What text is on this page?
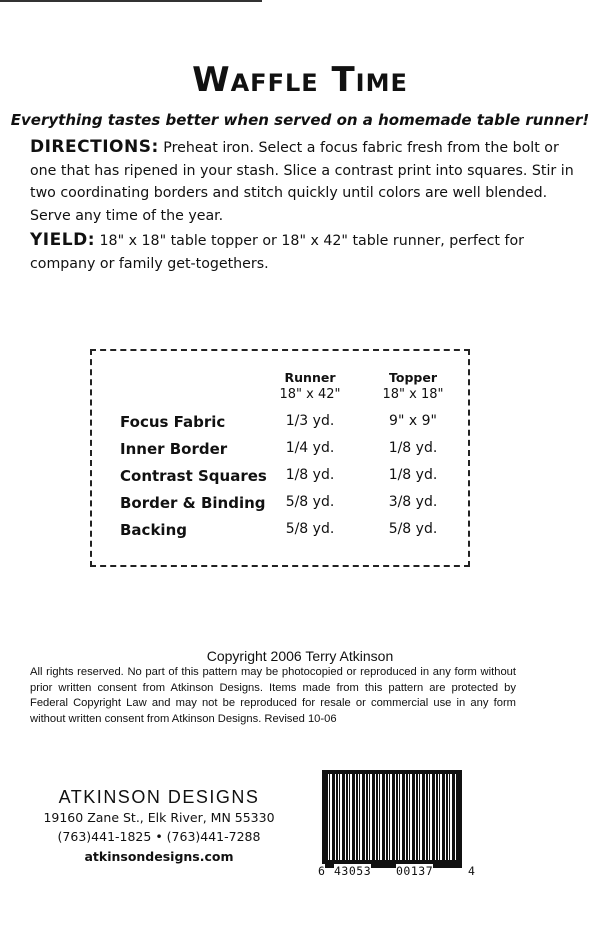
Waffle Time
Everything tastes better when served on a homemade table runner!
DIRECTIONS: Preheat iron. Select a focus fabric fresh from the bolt or one that has ripened in your stash. Slice a contrast print into squares. Stir in two coordinating borders and stitch quickly until colors are well blended. Serve any time of the year.
YIELD: 18" x 18" table topper or 18" x 42" table runner, perfect for company or family get-togethers.
Runner
18" x 42"
Topper
18" x 18"
Focus Fabric	1/3 yd.	9" x 9"
Inner Border	1/4 yd.	1/8 yd.
Contrast Squares	1/8 yd.	1/8 yd.
Border & Binding	5/8 yd.	3/8 yd.
Backing	5/8 yd.	5/8 yd.
Copyright 2006 Terry Atkinson
All rights reserved. No part of this pattern may be photocopied or reproduced in any form without prior written consent from Atkinson Designs. Items made from this pattern are protected by Federal Copyright Law and may not be reproduced for resale or commercial use in any form without written consent from Atkinson Designs. Revised 10-06
ATKINSON DESIGNS
19160 Zane St., Elk River, MN 55330
(763)441-1825 • (763)441-7288
atkinsondesigns.com
6 43053 00137	4
